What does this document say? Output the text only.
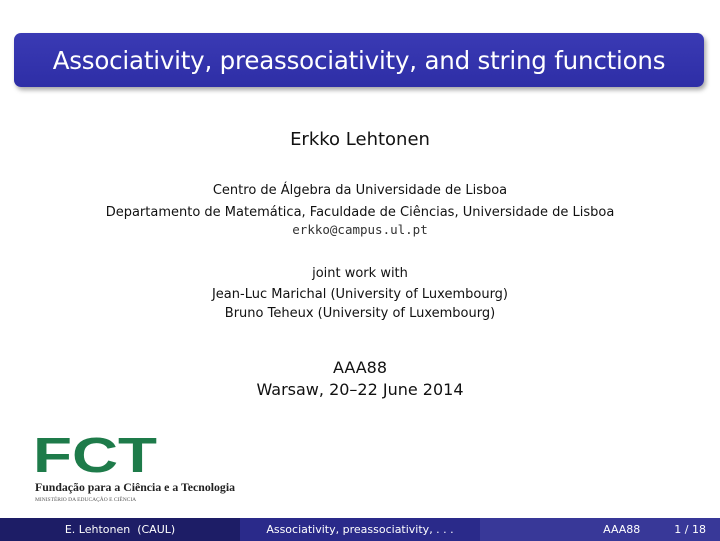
Associativity, preassociativity, and string functions
Erkko Lehtonen
Centro de Álgebra da Universidade de Lisboa
Departamento de Matemática, Faculdade de Ciências, Universidade de Lisboa
erkko@campus.ul.pt
joint work with
Jean-Luc Marichal (University of Luxembourg)
Bruno Teheux (University of Luxembourg)
AAA88
Warsaw, 20–22 June 2014
FCT
Fundação para a Ciência e a Tecnologia
MINISTÉRIO DA EDUCAÇÃO E CIÊNCIA
E. Lehtonen  (CAUL)	Associativity, preassociativity, . . .	AAA88	1 / 18
